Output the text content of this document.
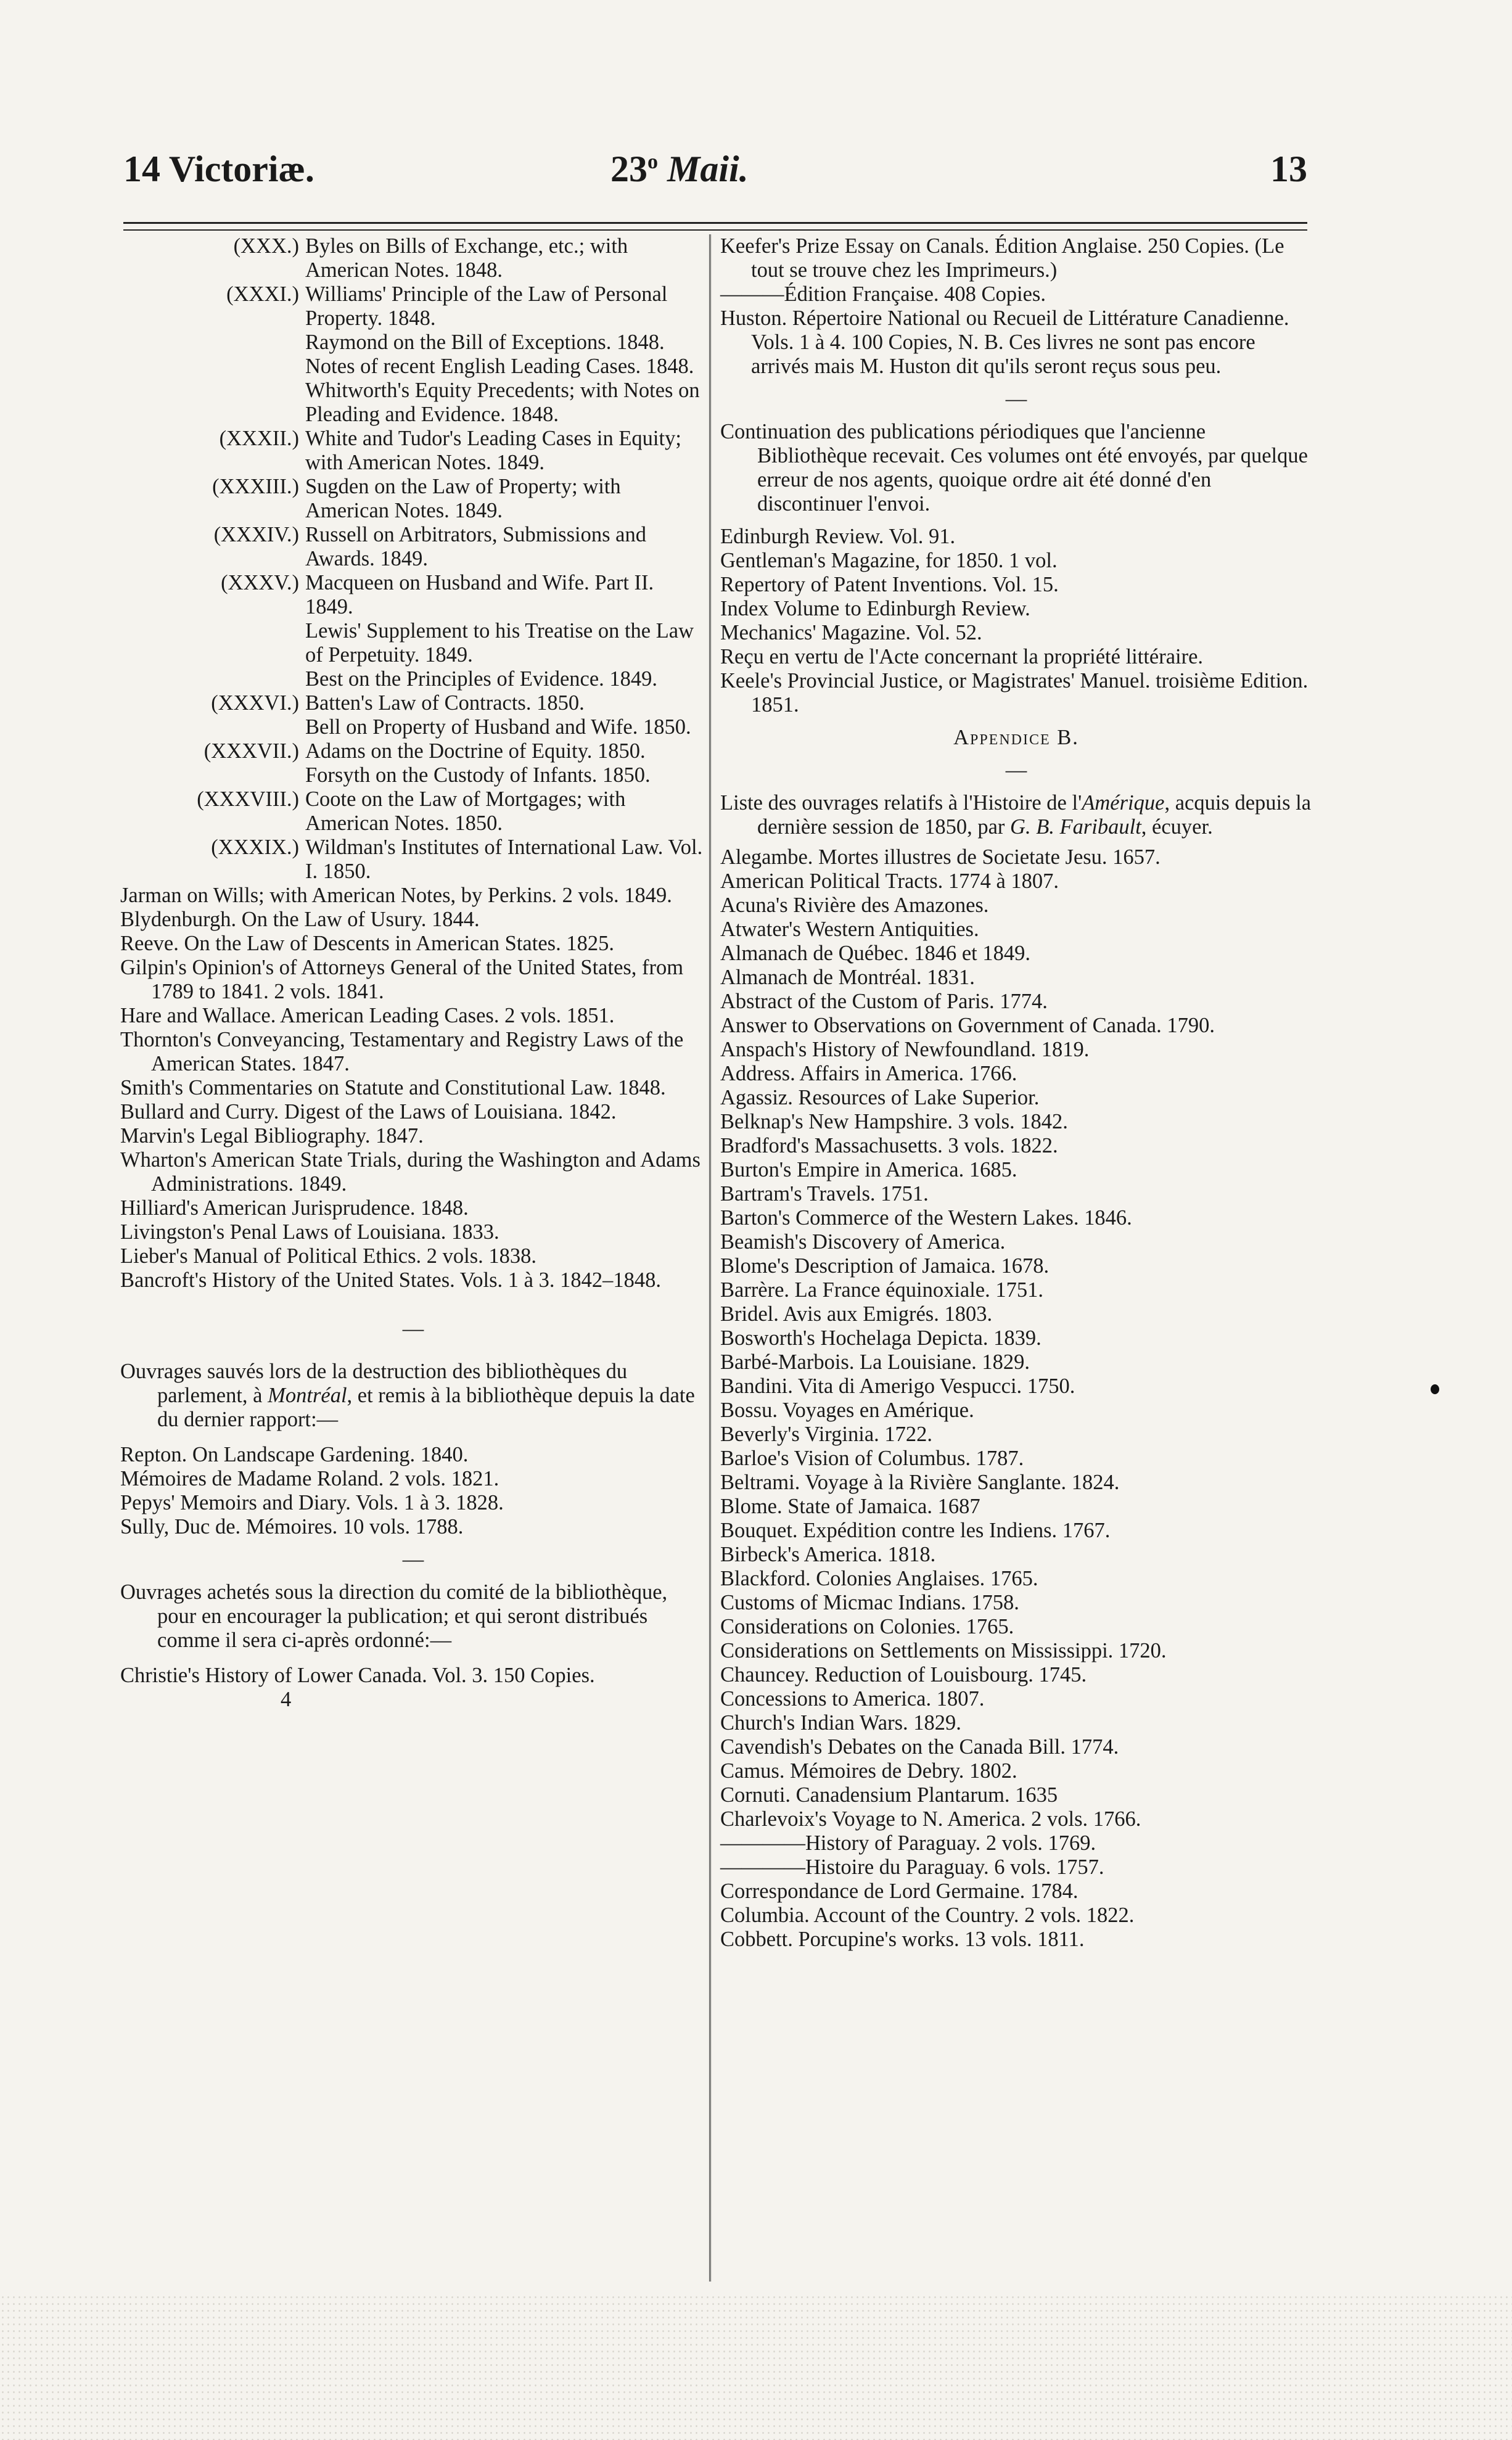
14 Victoriæ.	23$^o$ Maii.	13

(XXX.) Byles on Bills of Exchange, etc.; with American Notes. 1848.

(XXXI.) Williams' Principle of the Law of Personal Property. 1848.

Raymond on the Bill of Exceptions. 1848.

Notes of recent English Leading Cases. 1848.

Whitworth's Equity Precedents; with Notes on Pleading and Evidence. 1848.

(XXXII.) White and Tudor's Leading Cases in Equity; with American Notes. 1849.

(XXXIII.) Sugden on the Law of Property; with American Notes. 1849.

(XXXIV.) Russell on Arbitrators, Submissions and Awards. 1849.

(XXXV.) Macqueen on Husband and Wife. Part II. 1849.

Lewis' Supplement to his Treatise on the Law of Perpetuity. 1849.

Best on the Principles of Evidence. 1849.

(XXXVI.) Batten's Law of Contracts. 1850.

Bell on Property of Husband and Wife. 1850.

(XXXVII.) Adams on the Doctrine of Equity. 1850.

Forsyth on the Custody of Infants. 1850.

(XXXVIII.) Coote on the Law of Mortgages; with American Notes. 1850.

(XXXIX.) Wildman's Institutes of International Law. Vol. I. 1850.

Jarman on Wills; with American Notes, by Perkins. 2 vols. 1849.

Blydenburgh. On the Law of Usury. 1844.

Reeve. On the Law of Descents in American States. 1825.

Gilpin's Opinion's of Attorneys General of the United States, from 1789 to 1841. 2 vols. 1841.

Hare and Wallace. American Leading Cases. 2 vols. 1851.

Thornton's Conveyancing, Testamentary and Registry Laws of the American States. 1847.

Smith's Commentaries on Statute and Constitutional Law. 1848.

Bullard and Curry. Digest of the Laws of Louisiana. 1842.

Marvin's Legal Bibliography. 1847.

Wharton's American State Trials, during the Washington and Adams Administrations. 1849.

Hilliard's American Jurisprudence. 1848.

Livingston's Penal Laws of Louisiana. 1833.

Lieber's Manual of Political Ethics. 2 vols. 1838.

Bancroft's History of the United States. Vols. 1 à 3. 1842–1848.

—

Ouvrages sauvés lors de la destruction des bibliothèques du parlement, à Montréal, et remis à la bibliothèque depuis la date du dernier rapport:—

Repton. On Landscape Gardening. 1840.

Mémoires de Madame Roland. 2 vols. 1821.

Pepys' Memoirs and Diary. Vols. 1 à 3. 1828.

Sully, Duc de. Mémoires. 10 vols. 1788.

—

Ouvrages achetés sous la direction du comité de la bibliothèque, pour en encourager la publication; et qui seront distribués comme il sera ci-après ordonné:—

Christie's History of Lower Canada. Vol. 3. 150 Copies.

4

Keefer's Prize Essay on Canals. Édition Anglaise. 250 Copies. (Le tout se trouve chez les Imprimeurs.)

———Édition Française. 408 Copies.

Huston. Répertoire National ou Recueil de Littérature Canadienne. Vols. 1 à 4. 100 Copies, N. B. Ces livres ne sont pas encore arrivés mais M. Huston dit qu'ils seront reçus sous peu.

—

Continuation des publications périodiques que l'ancienne Bibliothèque recevait. Ces volumes ont été envoyés, par quelque erreur de nos agents, quoique ordre ait été donné d'en discontinuer l'envoi.

Edinburgh Review. Vol. 91.

Gentleman's Magazine, for 1850. 1 vol.

Repertory of Patent Inventions. Vol. 15.

Index Volume to Edinburgh Review.

Mechanics' Magazine. Vol. 52.

Reçu en vertu de l'Acte concernant la propriété littéraire.

Keele's Provincial Justice, or Magistrates' Manuel. troisième Edition. 1851.

Appendice B.
—

Liste des ouvrages relatifs à l'Histoire de l'Amérique, acquis depuis la dernière session de 1850, par G. B. Faribault, écuyer.

Alegambe. Mortes illustres de Societate Jesu. 1657.

American Political Tracts. 1774 à 1807.

Acuna's Rivière des Amazones.

Atwater's Western Antiquities.

Almanach de Québec. 1846 et 1849.

Almanach de Montréal. 1831.

Abstract of the Custom of Paris. 1774.

Answer to Observations on Government of Canada. 1790.

Anspach's History of Newfoundland. 1819.

Address. Affairs in America. 1766.

Agassiz. Resources of Lake Superior.

Belknap's New Hampshire. 3 vols. 1842.

Bradford's Massachusetts. 3 vols. 1822.

Burton's Empire in America. 1685.

Bartram's Travels. 1751.

Barton's Commerce of the Western Lakes. 1846.

Beamish's Discovery of America.

Blome's Description of Jamaica. 1678.

Barrère. La France équinoxiale. 1751.

Bridel. Avis aux Emigrés. 1803.

Bosworth's Hochelaga Depicta. 1839.

Barbé-Marbois. La Louisiane. 1829.

Bandini. Vita di Amerigo Vespucci. 1750.

Bossu. Voyages en Amérique.

Beverly's Virginia. 1722.

Barloe's Vision of Columbus. 1787.

Beltrami. Voyage à la Rivière Sanglante. 1824.

Blome. State of Jamaica. 1687

Bouquet. Expédition contre les Indiens. 1767.

Birbeck's America. 1818.

Blackford. Colonies Anglaises. 1765.

Customs of Micmac Indians. 1758.

Considerations on Colonies. 1765.

Considerations on Settlements on Mississippi. 1720.

Chauncey. Reduction of Louisbourg. 1745.

Concessions to America. 1807.

Church's Indian Wars. 1829.

Cavendish's Debates on the Canada Bill. 1774.

Camus. Mémoires de Debry. 1802.

Cornuti. Canadensium Plantarum. 1635

Charlevoix's Voyage to N. America. 2 vols. 1766.

————History of Paraguay. 2 vols. 1769.

————Histoire du Paraguay. 6 vols. 1757.

Correspondance de Lord Germaine. 1784.

Columbia. Account of the Country. 2 vols. 1822.

Cobbett. Porcupine's works. 13 vols. 1811.
